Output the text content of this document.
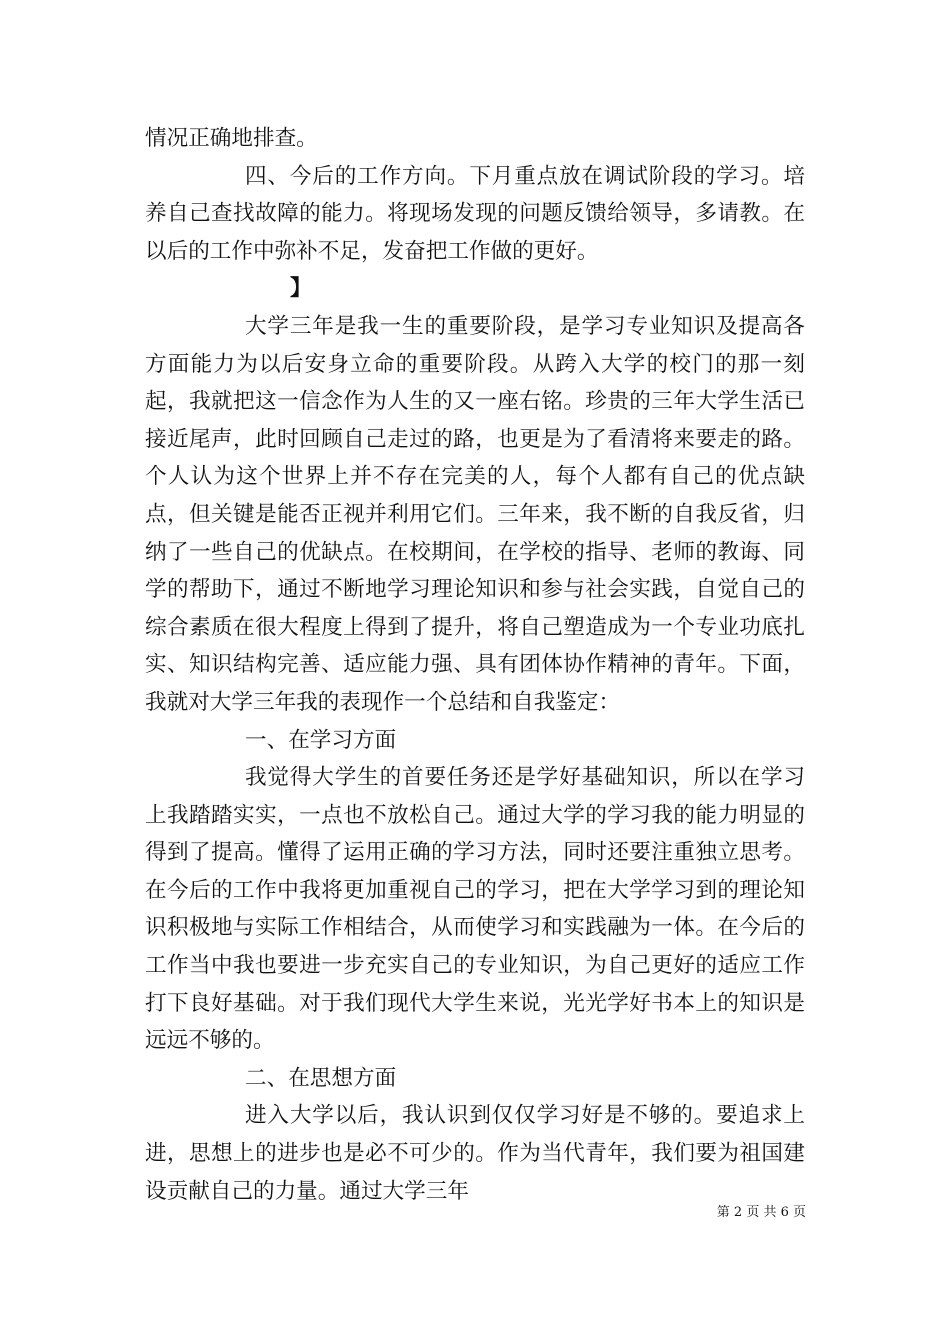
情况正确地排查。

四、今后的工作方向。下月重点放在调试阶段的学习。培养自己查找故障的能力。将现场发现的问题反馈给领导，多请教。在以后的工作中弥补不足，发奋把工作做的更好。

】

大学三年是我一生的重要阶段，是学习专业知识及提高各方面能力为以后安身立命的重要阶段。从跨入大学的校门的那一刻起，我就把这一信念作为人生的又一座右铭。珍贵的三年大学生活已接近尾声，此时回顾自己走过的路，也更是为了看清将来要走的路。个人认为这个世界上并不存在完美的人，每个人都有自己的优点缺点，但关键是能否正视并利用它们。三年来，我不断的自我反省，归纳了一些自己的优缺点。在校期间，在学校的指导、老师的教诲、同学的帮助下，通过不断地学习理论知识和参与社会实践，自觉自己的综合素质在很大程度上得到了提升，将自己塑造成为一个专业功底扎实、知识结构完善、适应能力强、具有团体协作精神的青年。下面，我就对大学三年我的表现作一个总结和自我鉴定：

一、在学习方面

我觉得大学生的首要任务还是学好基础知识，所以在学习上我踏踏实实，一点也不放松自己。通过大学的学习我的能力明显的得到了提高。懂得了运用正确的学习方法，同时还要注重独立思考。在今后的工作中我将更加重视自己的学习，把在大学学习到的理论知识积极地与实际工作相结合，从而使学习和实践融为一体。在今后的工作当中我也要进一步充实自己的专业知识，为自己更好的适应工作打下良好基础。对于我们现代大学生来说，光光学好书本上的知识是远远不够的。

二、在思想方面

进入大学以后，我认识到仅仅学习好是不够的。要追求上进，思想上的进步也是必不可少的。作为当代青年，我们要为祖国建设贡献自己的力量。通过大学三年

第 2 页 共 6 页
